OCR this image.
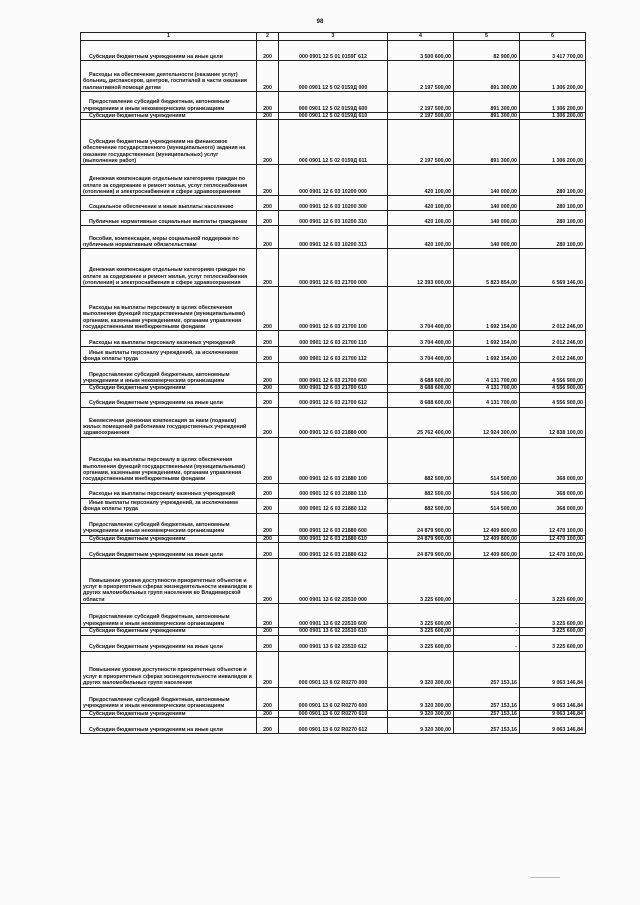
98
1	2	3	4	5	6
Субсидии бюджетным учреждениям на иные цели	200	000 0901 12 5 01 0159Г 612	3 500 600,00	82 900,00	3 417 700,00
Расходы на обеспечение деятельности (оказание услуг) больниц, диспансеров, центров, госпиталей в части оказания паллиативной помощи детям	200	000 0901 12 5 02 0159Д 000	2 197 500,00	891 300,00	1 306 200,00
Предоставление субсидий бюджетным, автономным учреждениям и иным некоммерческим организациям	200	000 0901 12 5 02 0159Д 600	2 197 500,00	891 300,00	1 306 200,00
Субсидии бюджетным учреждениям	200	000 0901 12 5 02 0159Д 610	2 197 500,00	891 300,00	1 306 200,00
Субсидии бюджетным учреждениям на финансовое обеспечение государственного (муниципального) задания на оказание государственных (муниципальных) услуг (выполнение работ)	200	000 0901 12 5 02 0159Д 611	2 197 500,00	891 300,00	1 306 200,00
Денежная компенсация отдельным категориям граждан по оплате за содержание и ремонт жилья, услуг теплоснабжения (отопления) и электроснабжения в сфере здравоохранения	200	000 0901 12 6 03 10200 000	420 100,00	140 000,00	280 100,00
Социальное обеспечение и иные выплаты населению	200	000 0901 12 6 03 10200 300	420 100,00	140 000,00	280 100,00
Публичные нормативные социальные выплаты гражданам	200	000 0901 12 6 03 10200 310	420 100,00	140 000,00	280 100,00
Пособия, компенсации, меры социальной поддержки по публичным нормативным обязательствам	200	000 0901 12 6 03 10200 313	420 100,00	140 000,00	280 100,00
Денежная компенсация отдельным категориям граждан по оплате за содержание и ремонт жилья, услуг теплоснабжения (отопления) и электроснабжения в сфере здравоохранения	200	000 0901 12 6 03 21700 000	12 393 000,00	5 823 854,00	6 569 146,00
Расходы на выплаты персоналу в целях обеспечения выполнения функций государственными (муниципальными) органами, казенными учреждениями, органами управления государственными внебюджетными фондами	200	000 0901 12 6 03 21700 100	3 704 400,00	1 692 154,00	2 012 246,00
Расходы на выплаты персоналу казенных учреждений	200	000 0901 12 6 03 21700 110	3 704 400,00	1 692 154,00	2 012 246,00
Иные выплаты персоналу учреждений, за исключением фонда оплаты труда	200	000 0901 12 6 03 21700 112	3 704 400,00	1 692 154,00	2 012 246,00
Предоставление субсидий бюджетным, автономным учреждениям и иным некоммерческим организациям	200	000 0901 12 6 03 21700 600	8 688 600,00	4 131 700,00	4 556 900,00
Субсидии бюджетным учреждениям	200	000 0901 12 6 03 21700 610	8 688 600,00	4 131 700,00	4 556 900,00
Субсидии бюджетным учреждениям на иные цели	200	000 0901 12 6 03 21700 612	8 688 600,00	4 131 700,00	4 556 900,00
Ежемесячная денежная компенсация за наем (поднаем) жилых помещений работникам государственных учреждений здравоохранения	200	000 0901 12 6 03 21880 000	25 762 400,00	12 924 300,00	12 838 100,00
Расходы на выплаты персоналу в целях обеспечения выполнения функций государственными (муниципальными) органами, казенными учреждениями, органами управления государственными внебюджетными фондами	200	000 0901 12 6 03 21880 100	882 500,00	514 500,00	368 000,00
Расходы на выплаты персоналу казенных учреждений	200	000 0901 12 6 03 21880 110	882 500,00	514 500,00	368 000,00
Иные выплаты персоналу учреждений, за исключением фонда оплаты труда	200	000 0901 12 6 03 21880 112	882 500,00	514 500,00	368 000,00
Предоставление субсидий бюджетным, автономным учреждениям и иным некоммерческим организациям	200	000 0901 12 6 03 21880 600	24 879 900,00	12 409 800,00	12 470 100,00
Субсидии бюджетным учреждениям	200	000 0901 12 6 03 21880 610	24 879 900,00	12 409 800,00	12 470 100,00
Субсидии бюджетным учреждениям на иные цели	200	000 0901 12 6 03 21880 612	24 879 900,00	12 409 800,00	12 470 100,00
Повышение уровня доступности приоритетных объектов и услуг в приоритетных сферах жизнедеятельности инвалидов и других маломобильных групп населения во Владимирской области	200	000 0901 13 6 02 23510 000	3 225 600,00	-	3 225 600,00
Предоставление субсидий бюджетным, автономным учреждениям и иным некоммерческим организациям	200	000 0901 13 6 02 23510 600	3 225 600,00	-	3 225 600,00
Субсидии бюджетным учреждениям	200	000 0901 13 6 02 23510 610	3 225 600,00	-	3 225 600,00
Субсидии бюджетным учреждениям на иные цели	200	000 0901 13 6 02 23510 612	3 225 600,00	-	3 225 600,00
Повышение уровня доступности приоритетных объектов и услуг в приоритетных сферах жизнедеятельности инвалидов и других маломобильных групп населения	200	000 0901 13 6 02 R0270 000	9 320 300,00	257 153,16	9 063 146,84
Предоставление субсидий бюджетным, автономным учреждениям и иным некоммерческим организациям	200	000 0901 13 6 02 R0270 600	9 320 300,00	257 153,16	9 063 146,84
Субсидии бюджетным учреждениям	200	000 0901 13 6 02 R0270 610	9 320 300,00	257 153,16	9 063 146,84
Субсидии бюджетным учреждениям на иные цели	200	000 0901 13 6 02 R0270 612	9 320 300,00	257 153,16	9 063 146,84
